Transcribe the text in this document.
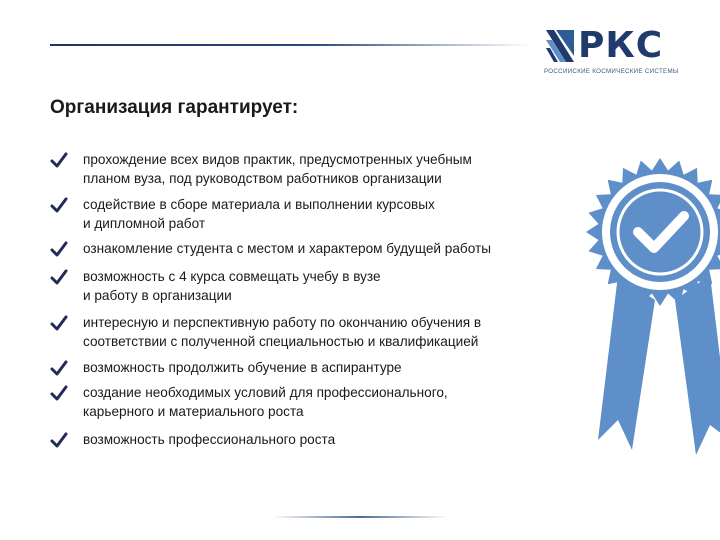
РКС
РОССИЙСКИЕ КОСМИЧЕСКИЕ СИСТЕМЫ
Организация гарантирует:

прохождение всех видов практик, предусмотренных учебным
планом вуза, под руководством работников организации

содействие в сборе материала и выполнении курсовых
и дипломной работ

ознакомление студента с местом и характером будущей работы

возможность с 4 курса совмещать учебу в вузе
и работу в организации

интересную и перспективную работу по окончанию обучения в
соответствии с полученной специальностью и квалификацией

возможность продолжить обучение в аспирантуре

создание необходимых условий для профессионального,
карьерного и материального роста

возможность профессионального роста
